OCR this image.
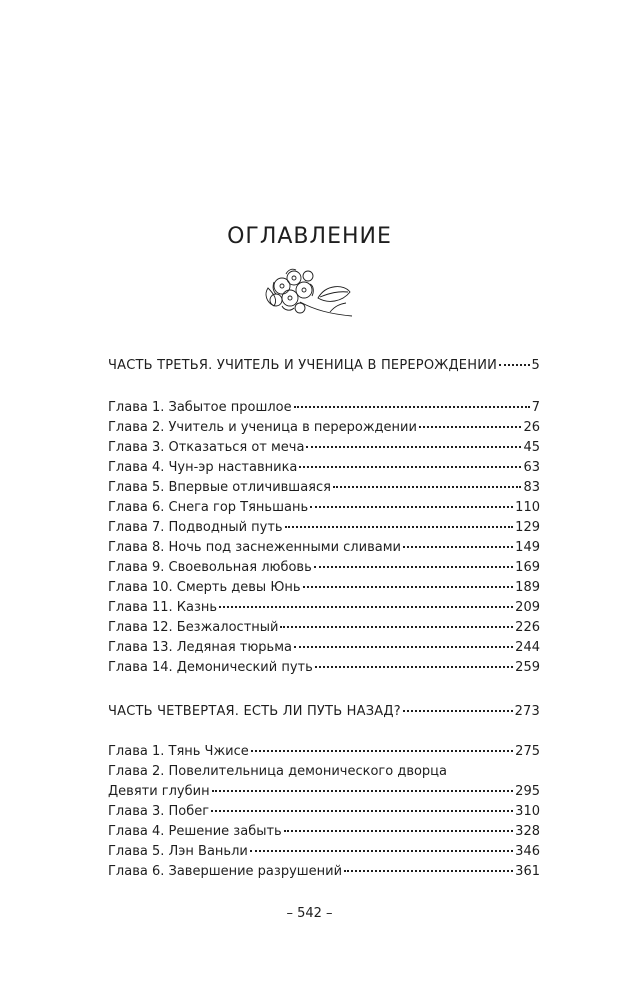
ОГЛАВЛЕНИЕ
ЧАСТЬ ТРЕТЬЯ. УЧИТЕЛЬ И УЧЕНИЦА В ПЕРЕРОЖДЕНИИ	5
Глава 1. Забытое прошлое	7
Глава 2. Учитель и ученица в перерождении	26
Глава 3. Отказаться от меча	45
Глава 4. Чун-эр наставника	63
Глава 5. Впервые отличившаяся	83
Глава 6. Снега гор Тяньшань	110
Глава 7. Подводный путь	129
Глава 8. Ночь под заснеженными сливами	149
Глава 9. Своевольная любовь	169
Глава 10. Смерть девы Юнь	189
Глава 11. Казнь	209
Глава 12. Безжалостный	226
Глава 13. Ледяная тюрьма	244
Глава 14. Демонический путь	259
ЧАСТЬ ЧЕТВЕРТАЯ. ЕСТЬ ЛИ ПУТЬ НАЗАД?	273
Глава 1. Тянь Чжисе	275
Глава 2. Повелительница демонического дворца
Девяти глубин	295
Глава 3. Побег	310
Глава 4. Решение забыть	328
Глава 5. Лэн Ваньли	346
Глава 6. Завершение разрушений	361
– 542 –
